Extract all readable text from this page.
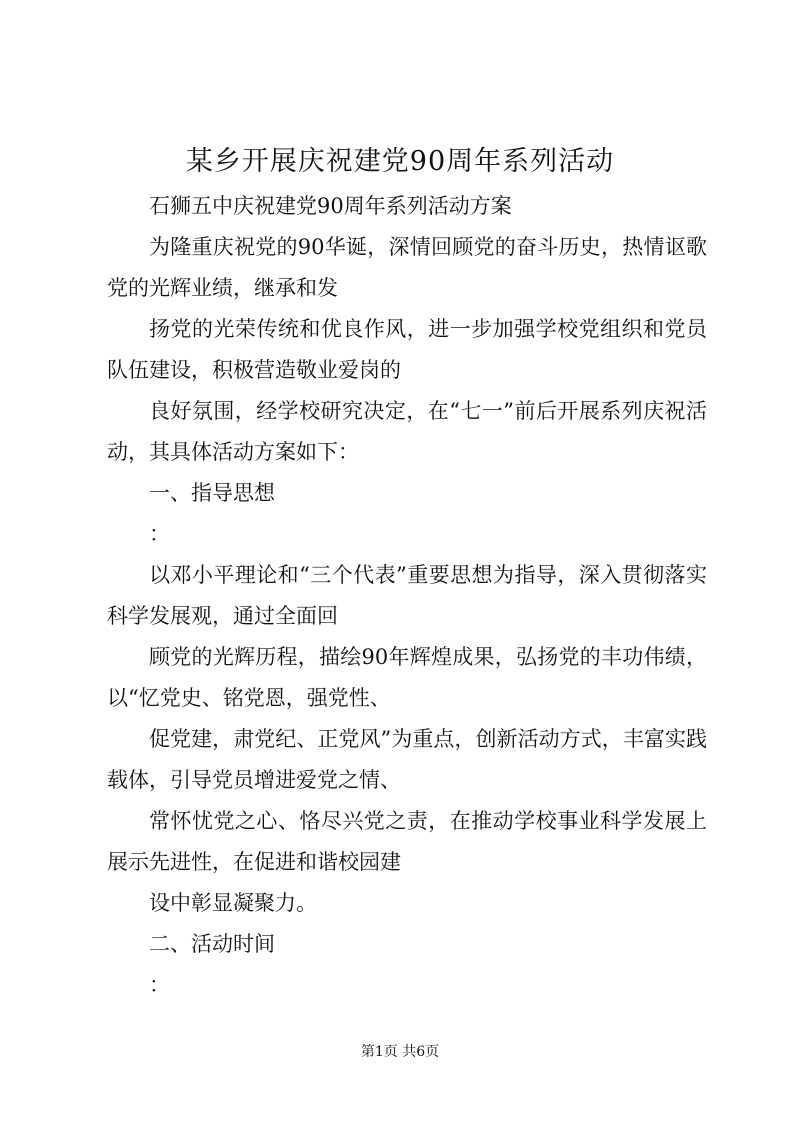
某乡开展庆祝建党90周年系列活动

石狮五中庆祝建党90周年系列活动方案

为隆重庆祝党的90华诞，深情回顾党的奋斗历史，热情讴歌党的光辉业绩，继承和发

扬党的光荣传统和优良作风，进一步加强学校党组织和党员队伍建设，积极营造敬业爱岗的

良好氛围，经学校研究决定，在“七一”前后开展系列庆祝活动，其具体活动方案如下：

一、指导思想

：

以邓小平理论和“三个代表”重要思想为指导，深入贯彻落实科学发展观，通过全面回

顾党的光辉历程，描绘90年辉煌成果，弘扬党的丰功伟绩，以“忆党史、铭党恩，强党性、

促党建，肃党纪、正党风”为重点，创新活动方式，丰富实践载体，引导党员增进爱党之情、

常怀忧党之心、恪尽兴党之责，在推动学校事业科学发展上展示先进性，在促进和谐校园建

设中彰显凝聚力。

二、活动时间

：

第1页 共6页
